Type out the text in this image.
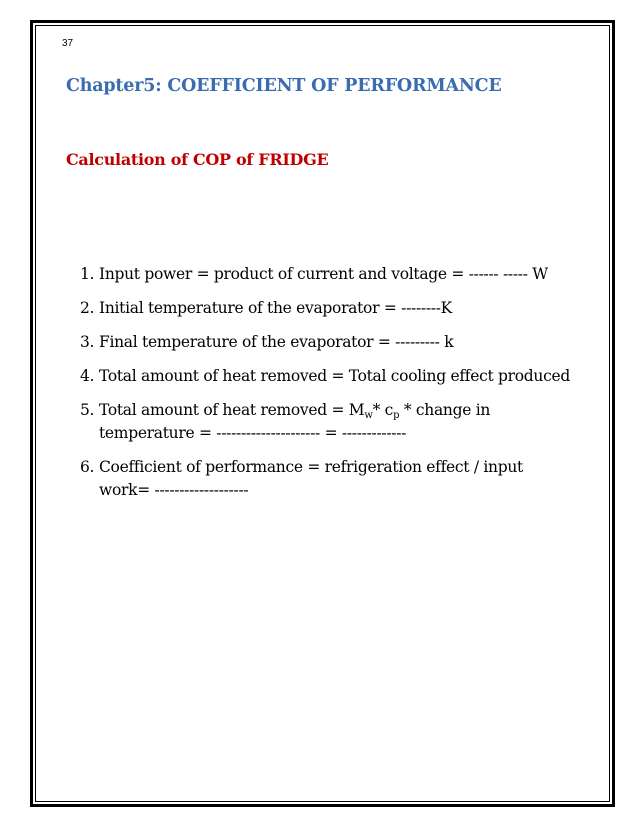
37
Chapter5: COEFFICIENT OF PERFORMANCE
Calculation of COP of FRIDGE
1. Input power = product of current and voltage = ------ ----- W
2. Initial temperature of the evaporator = --------K
3. Final temperature of the evaporator = --------- k
4. Total amount of heat removed = Total cooling effect produced
5. Total amount of heat removed = $M_w*$ $c_p$ * change in temperature = --------------------- = -------------
6. Coefficient of performance = refrigeration effect / input work= -------------------
